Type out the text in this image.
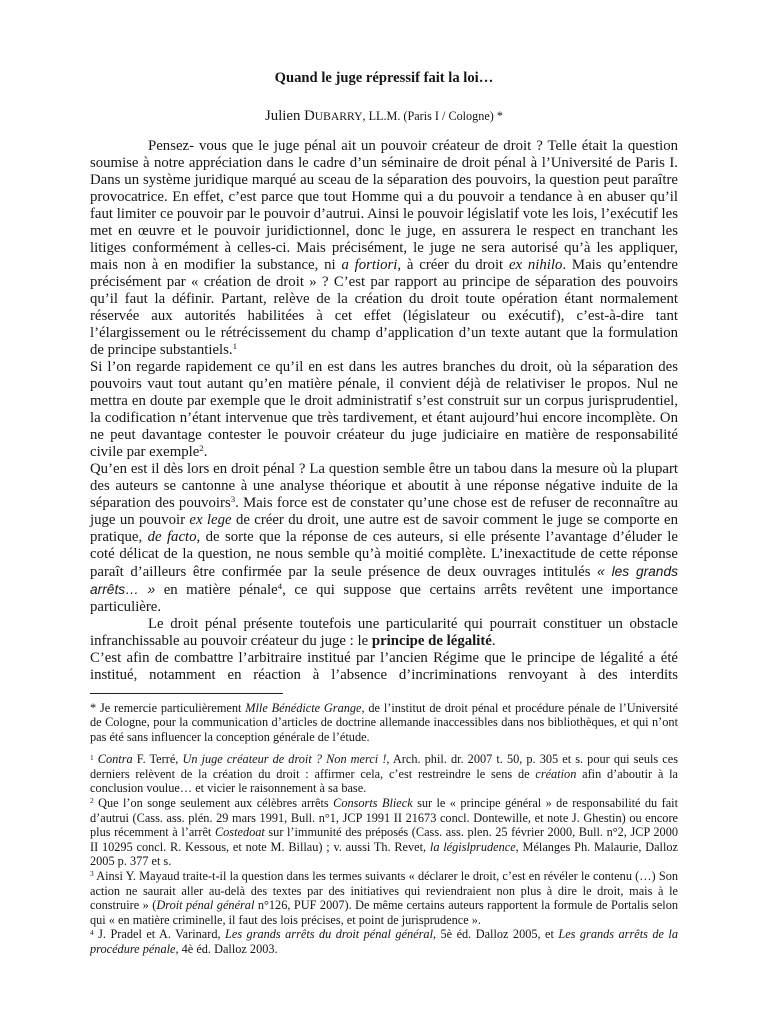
Quand le juge répressif fait la loi…
Julien DUBARRY, LL.M. (Paris I / Cologne) *

Pensez- vous que le juge pénal ait un pouvoir créateur de droit ? Telle était la question soumise à notre appréciation dans le cadre d’un séminaire de droit pénal à l’Université de Paris I. Dans un système juridique marqué au sceau de la séparation des pouvoirs, la question peut paraître provocatrice. En effet, c’est parce que tout Homme qui a du pouvoir a tendance à en abuser qu’il faut limiter ce pouvoir par le pouvoir d’autrui. Ainsi le pouvoir législatif vote les lois, l’exécutif les met en œuvre et le pouvoir juridictionnel, donc le juge, en assurera le respect en tranchant les litiges conformément à celles-ci. Mais précisément, le juge ne sera autorisé qu’à les appliquer, mais non à en modifier la substance, ni a fortiori, à créer du droit ex nihilo. Mais qu’entendre précisément par « création de droit » ? C’est par rapport au principe de séparation des pouvoirs qu’il faut la définir. Partant, relève de la création du droit toute opération étant normalement réservée aux autorités habilitées à cet effet (législateur ou exécutif), c’est-à-dire tant l’élargissement ou le rétrécissement du champ d’application d’un texte autant que la formulation de principe substantiels.$^1$

Si l’on regarde rapidement ce qu’il en est dans les autres branches du droit, où la séparation des pouvoirs vaut tout autant qu’en matière pénale, il convient déjà de relativiser le propos. Nul ne mettra en doute par exemple que le droit administratif s’est construit sur un corpus jurisprudentiel, la codification n’étant intervenue que très tardivement, et étant aujourd’hui encore incomplète. On ne peut davantage contester le pouvoir créateur du juge judiciaire en matière de responsabilité civile par exemple$^2$.

Qu’en est il dès lors en droit pénal ? La question semble être un tabou dans la mesure où la plupart des auteurs se cantonne à une analyse théorique et aboutit à une réponse négative induite de la séparation des pouvoirs$^3$. Mais force est de constater qu’une chose est de refuser de reconnaître au juge un pouvoir ex lege de créer du droit, une autre est de savoir comment le juge se comporte en pratique, de facto, de sorte que la réponse de ces auteurs, si elle présente l’avantage d’éluder le coté délicat de la question, ne nous semble qu’à moitié complète. L’inexactitude de cette réponse paraît d’ailleurs être confirmée par la seule présence de deux ouvrages intitulés « les grands arrêts… » en matière pénale$^4$, ce qui suppose que certains arrêts revêtent une importance particulière.

Le droit pénal présente toutefois une particularité qui pourrait constituer un obstacle infranchissable au pouvoir créateur du juge : le principe de légalité.

C’est afin de combattre l’arbitraire institué par l’ancien Régime que le principe de légalité a été institué, notamment en réaction à l’absence d’incriminations renvoyant à des interdits

* Je remercie particulièrement Mlle Bénédicte Grange, de l’institut de droit pénal et procédure pénale de l’Université de Cologne, pour la communication d’articles de doctrine allemande inaccessibles dans nos bibliothèques, et qui n’ont pas été sans influencer la conception générale de l’étude.

$^1$ Contra F. Terré, Un juge créateur de droit ? Non merci !, Arch. phil. dr. 2007 t. 50, p. 305 et s. pour qui seuls ces derniers relèvent de la création du droit : affirmer cela, c’est restreindre le sens de création afin d’aboutir à la conclusion voulue… et vicier le raisonnement à sa base.

$^2$ Que l’on songe seulement aux célèbres arrêts Consorts Blieck sur le « principe général » de responsabilité du fait d’autrui (Cass. ass. plén. 29 mars 1991, Bull. n°1, JCP 1991 II 21673 concl. Dontewille, et note J. Ghestin) ou encore plus récemment à l’arrêt Costedoat sur l’immunité des préposés (Cass. ass. plen. 25 février 2000, Bull. n°2, JCP 2000 II 10295 concl. R. Kessous, et note M. Billau) ; v. aussi Th. Revet, la législprudence, Mélanges Ph. Malaurie, Dalloz 2005 p. 377 et s.

$^3$ Ainsi Y. Mayaud traite-t-il la question dans les termes suivants « déclarer le droit, c’est en révéler le contenu (…) Son action ne saurait aller au-delà des textes par des initiatives qui reviendraient non plus à dire le droit, mais à le construire » (Droit pénal général n°126, PUF 2007). De même certains auteurs rapportent la formule de Portalis selon qui « en matière criminelle, il faut des lois précises, et point de jurisprudence ».

$^4$ J. Pradel et A. Varinard, Les grands arrêts du droit pénal général, 5è éd. Dalloz 2005, et Les grands arrêts de la procédure pénale, 4è éd. Dalloz 2003.
